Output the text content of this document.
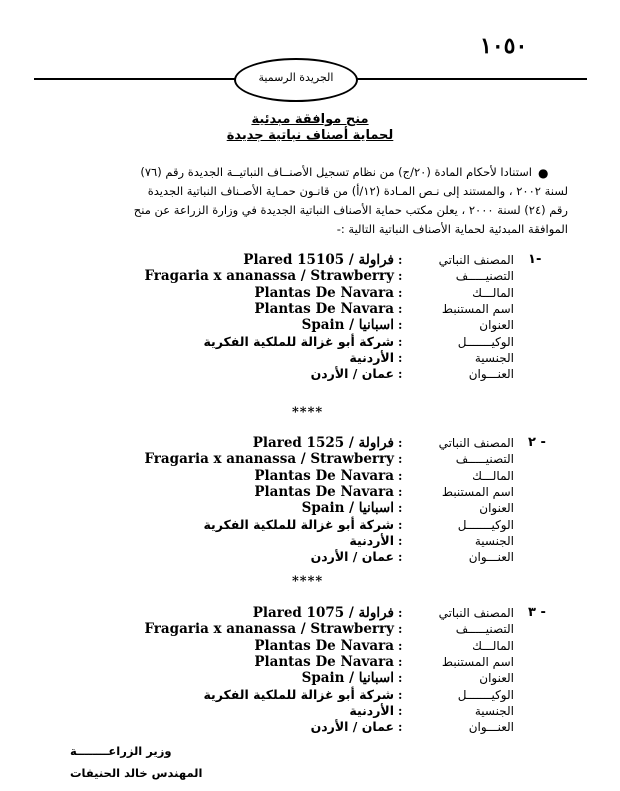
١٠٥٠
الجريدة الرسمية
منح موافقة مبدئية
لحماية أصناف نباتية جديدة
●
استنادا لأحكام المادة (٢٠/ج) من نظام تسجيل الأصنــاف النباتيــة الجديدة رقم (٧٦)
لسنة ٢٠٠٢ ، والمستند إلى نـص المـادة (١٢/أ) من قانـون حمـاية الأصـناف النباتية الجديدة
رقم (٢٤) لسنة ٢٠٠٠ ، يعلن مكتب حماية الأصناف النباتية الجديدة في وزارة الزراعة عن منح
الموافقة المبدئية لحماية الأصناف النباتية التالية :-
١-
المصنف النباتي
:
Plared 15105 / فراولة
التصنيـــــف
:
Fragaria x ananassa / Strawberry
المالـــك
:
Plantas De Navara
اسم المستنبط
:
Plantas De Navara
العنوان
:
Spain / اسبانيا
الوكيـــــــل
:
شركة أبو غزالة للملكية الفكرية
الجنسية
:
الأردنية
العنـــوان
:
عمان / الأردن
٢ -
المصنف النباتي
:
Plared 1525 / فراولة
التصنيـــــف
:
Fragaria x ananassa / Strawberry
المالـــك
:
Plantas De Navara
اسم المستنبط
:
Plantas De Navara
العنوان
:
Spain / اسبانيا
الوكيـــــــل
:
شركة أبو غزالة للملكية الفكرية
الجنسية
:
الأردنية
العنـــوان
:
عمان / الأردن
٣ -
المصنف النباتي
:
Plared 1075 / فراولة
التصنيـــــف
:
Fragaria x ananassa / Strawberry
المالـــك
:
Plantas De Navara
اسم المستنبط
:
Plantas De Navara
العنوان
:
Spain / اسبانيا
الوكيـــــــل
:
شركة أبو غزالة للملكية الفكرية
الجنسية
:
الأردنية
العنـــوان
:
عمان / الأردن
****
****
وزير الزراعــــــــة
المهندس خالد الحنيفات
